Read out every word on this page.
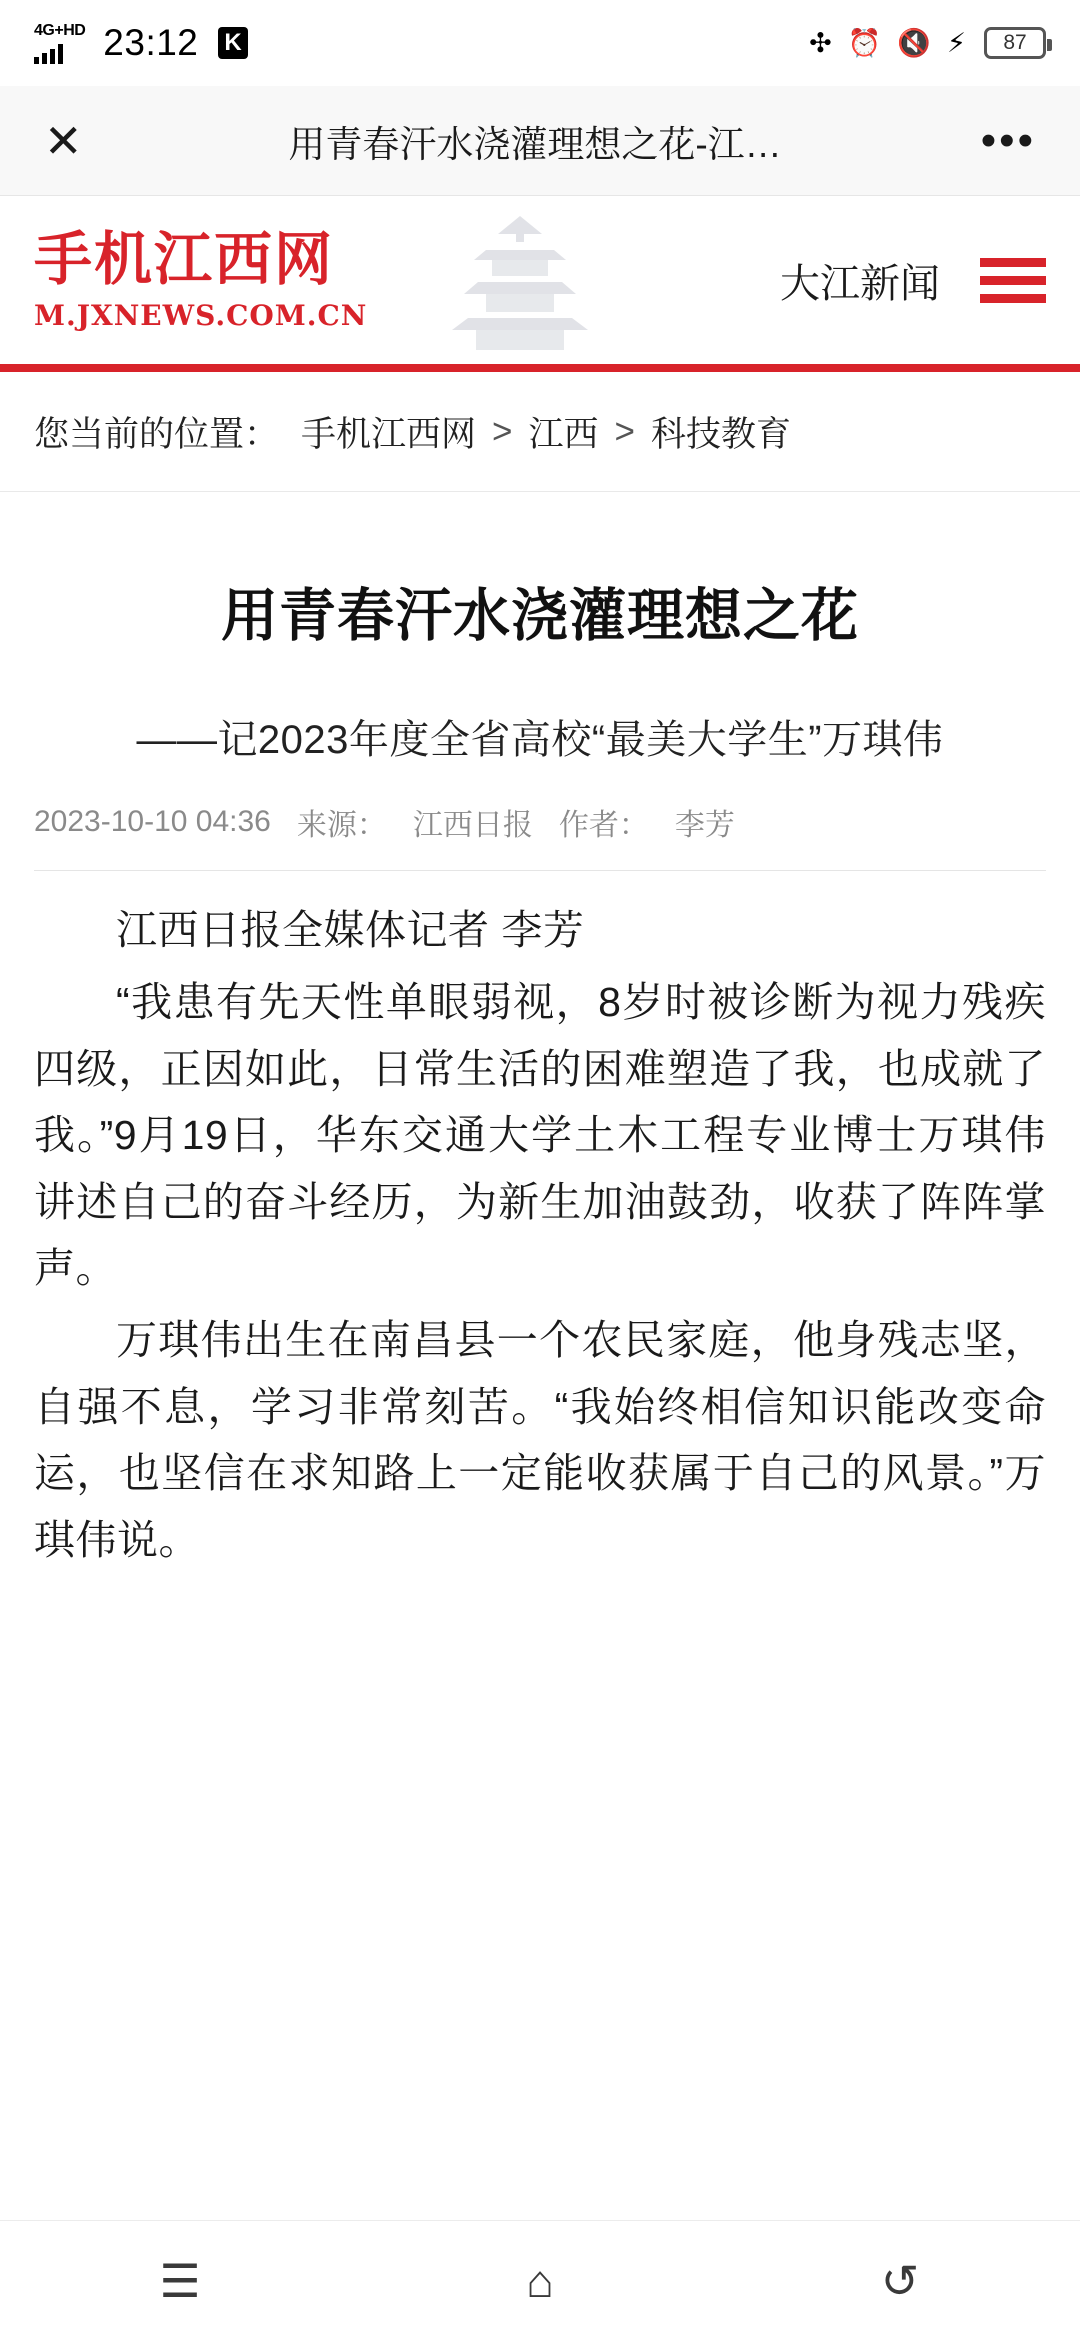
4G+HD 23:12 K	✣ ⏰ 🔇 ⚡	87
✕	用青春汗水浇灌理想之花-江…	•••
手机江西网
M.JXNEWS.COM.CN
大江新闻
您当前的位置： 手机江西网 > 江西 > 科技教育
用青春汗水浇灌理想之花
——记2023年度全省高校“最美大学生”万琪伟
2023-10-10 04:36 来源： 江西日报 作者： 李芳

江西日报全媒体记者 李芳

“我患有先天性单眼弱视，8岁时被诊断为视力残疾四级，正因如此，日常生活的困难塑造了我，也成就了我。”9月19日，华东交通大学土木工程专业博士万琪伟讲述自己的奋斗经历，为新生加油鼓劲，收获了阵阵掌声。

万琪伟出生在南昌县一个农民家庭，他身残志坚，自强不息，学习非常刻苦。“我始终相信知识能改变命运，也坚信在求知路上一定能收获属于自己的风景。”万琪伟说。

☰	⌂	↺
